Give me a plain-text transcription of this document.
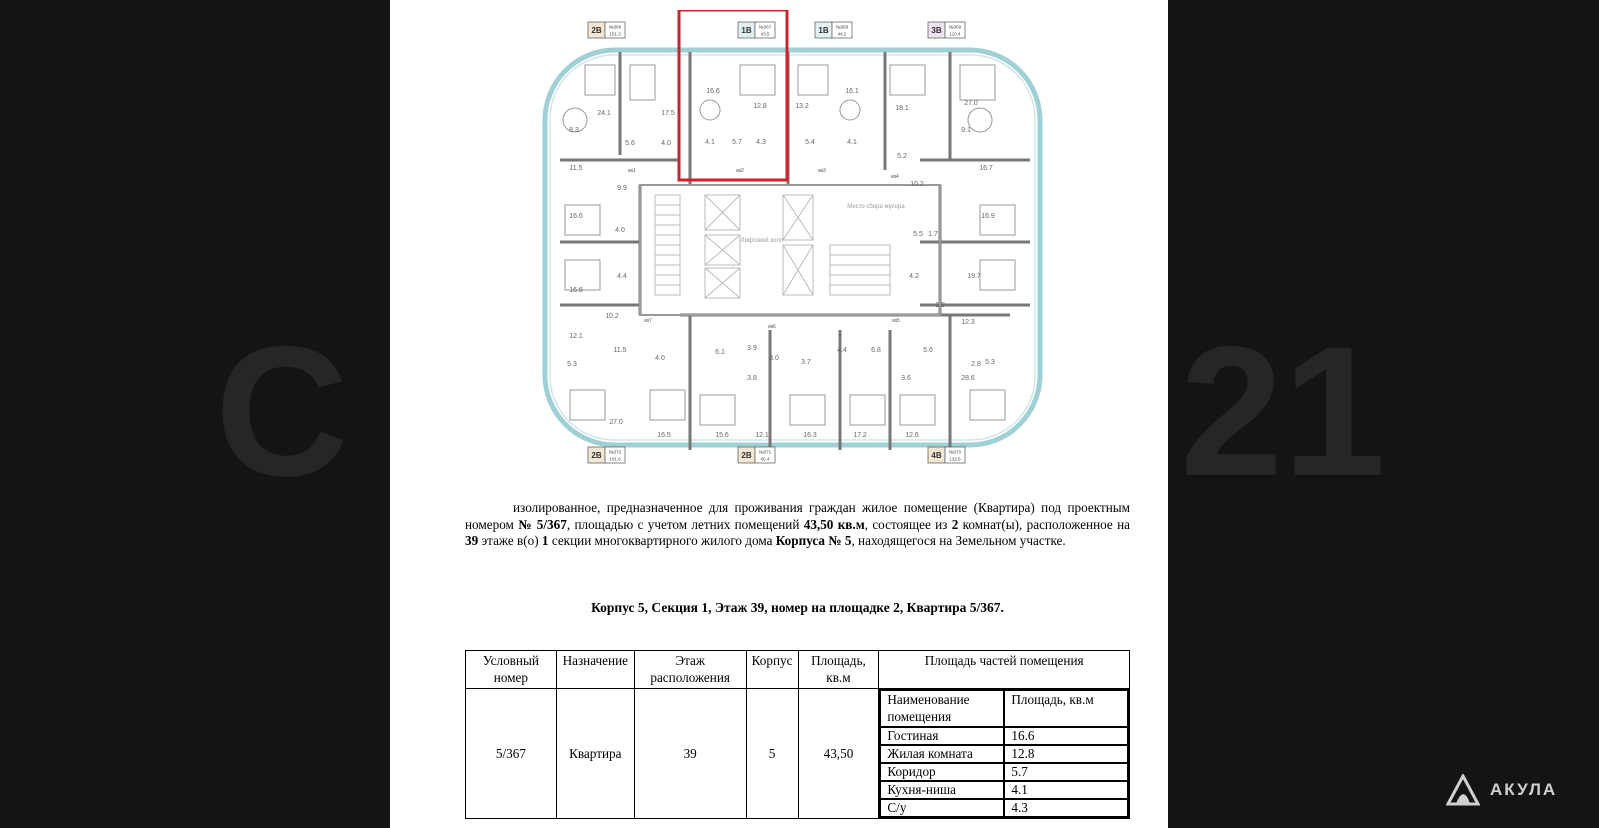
Лифтовой холл
Место сбора мусора
2В №366
101.3	1В №367
43.5	1В №368
44.2	3В №369
110.4
2В №372
101.6	2В №371
66.4	4В №370
132.6
24.1	17.5
16.6
12.8	13.2
16.1
18.1
27.0
8.3
5.6	4.0	4.1 5.7 4.3	5.4	4.1
5.2
9.1
11.5
9.9
10.2
16.7
16.6
4.0
5.5 1.7
16.9
4.4	4.2	19.7
16.6
1.8
10.2
12.3
12.1
11.5
4.0
6.1
3.9
3.0
3.7
4.4	6.8	5.6
2.8
5.3
3.8	3.6	28.6
5.3
27.0
16.5	15.6	12.1	16.3	17.2	12.6
кв1	кв2	кв3
кв4
кв5
кв6
кв7
C	21

изолированное, предназначенное для проживания граждан жилое помещение (Квартира) под проектным номером № 5/367, площадью с учетом летних помещений 43,50 кв.м, состоящее из 2 комнат(ы), расположенное на 39 этаже в(о) 1 секции многоквартирного жилого дома Корпуса № 5, находящегося на Земельном участке.

Корпус 5, Секция 1, Этаж 39, номер на площадке 2, Квартира 5/367.
Условный номер	Назначение	Этаж расположения	Корпус	Площадь, кв.м	Площадь частей помещения
5/367	Квартира	39	5	43,50	
Наименование помещения	Площадь, кв.м
Гостиная	16.6
Жилая комната	12.8
Коридор	5.7
Кухня-ниша	4.1
С/у	4.3
АКУЛА
